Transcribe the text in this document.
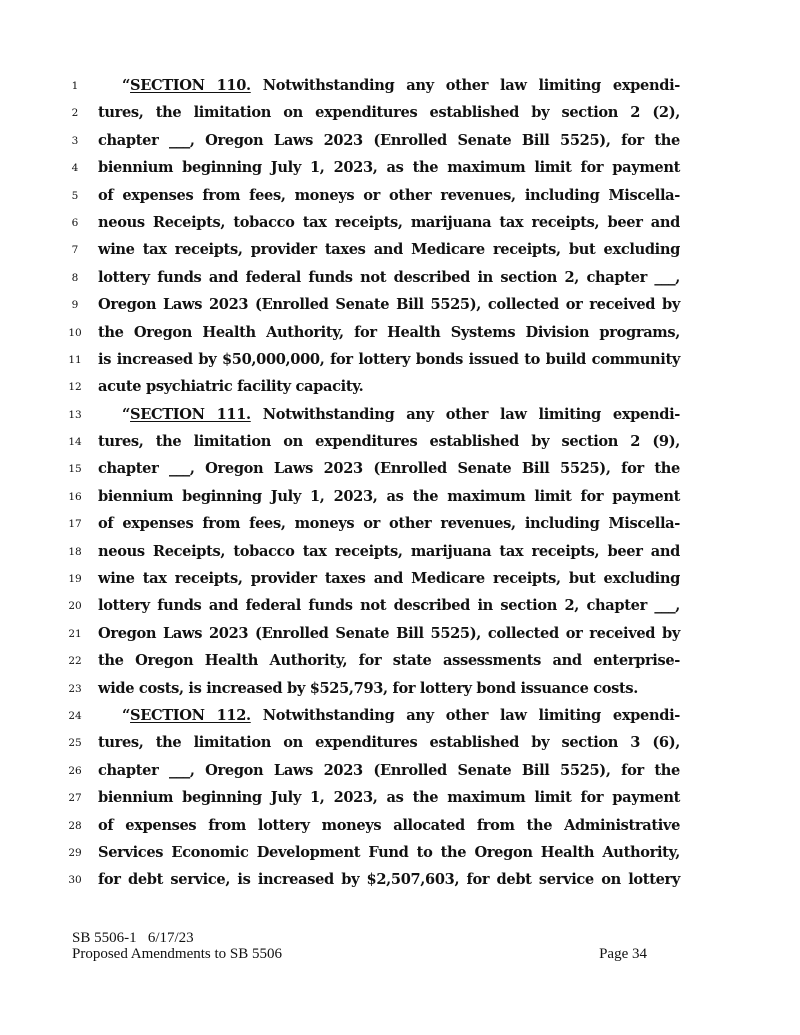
1	“SECTION 110. Notwithstanding any other law limiting expendi-
2	tures, the limitation on expenditures established by section 2 (2),
3	chapter ___, Oregon Laws 2023 (Enrolled Senate Bill 5525), for the
4	biennium beginning July 1, 2023, as the maximum limit for payment
5	of expenses from fees, moneys or other revenues, including Miscella-
6	neous Receipts, tobacco tax receipts, marijuana tax receipts, beer and
7	wine tax receipts, provider taxes and Medicare receipts, but excluding
8	lottery funds and federal funds not described in section 2, chapter ___,
9	Oregon Laws 2023 (Enrolled Senate Bill 5525), collected or received by
10 the Oregon Health Authority, for Health Systems Division programs,
11 is increased by $50,000,000, for lottery bonds issued to build community
12 acute psychiatric facility capacity.
13	“SECTION 111. Notwithstanding any other law limiting expendi-
14 tures, the limitation on expenditures established by section 2 (9),
15 chapter ___, Oregon Laws 2023 (Enrolled Senate Bill 5525), for the
16 biennium beginning July 1, 2023, as the maximum limit for payment
17 of expenses from fees, moneys or other revenues, including Miscella-
18 neous Receipts, tobacco tax receipts, marijuana tax receipts, beer and
19 wine tax receipts, provider taxes and Medicare receipts, but excluding
20 lottery funds and federal funds not described in section 2, chapter ___,
21 Oregon Laws 2023 (Enrolled Senate Bill 5525), collected or received by
22 the Oregon Health Authority, for state assessments and enterprise-
23 wide costs, is increased by $525,793, for lottery bond issuance costs.
24	“SECTION 112. Notwithstanding any other law limiting expendi-
25 tures, the limitation on expenditures established by section 3 (6),
26 chapter ___, Oregon Laws 2023 (Enrolled Senate Bill 5525), for the
27 biennium beginning July 1, 2023, as the maximum limit for payment
28 of expenses from lottery moneys allocated from the Administrative
29 Services Economic Development Fund to the Oregon Health Authority,
30 for debt service, is increased by $2,507,603, for debt service on lottery
SB 5506-1   6/17/23
Proposed Amendments to SB 5506	Page 34
